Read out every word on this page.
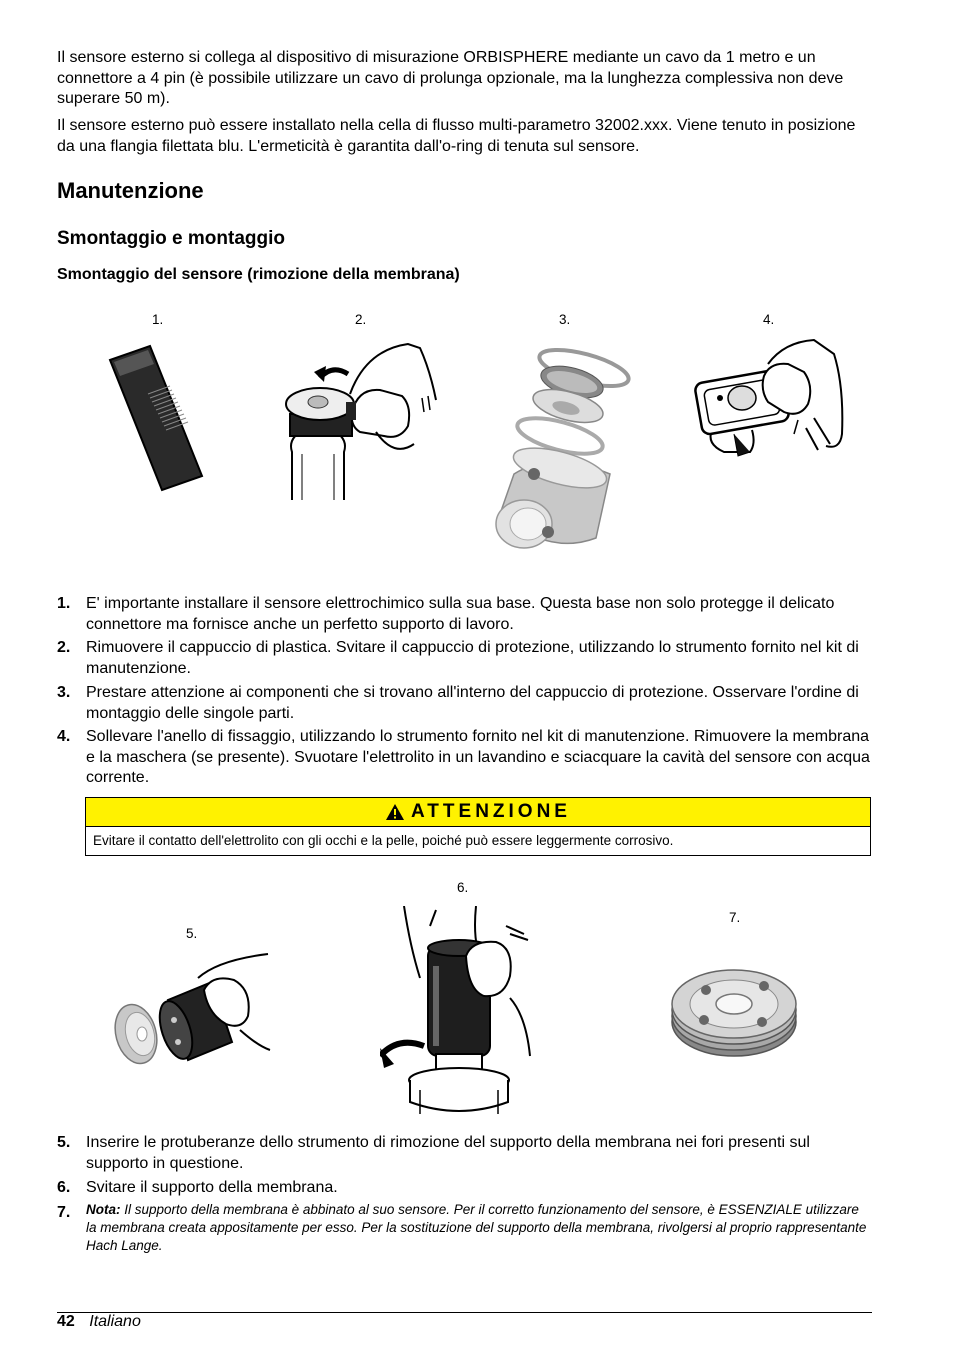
Il sensore esterno si collega al dispositivo di misurazione ORBISPHERE mediante un cavo da 1 metro e un connettore a 4 pin (è possibile utilizzare un cavo di prolunga opzionale, ma la lunghezza complessiva non deve superare 50 m).

Il sensore esterno può essere installato nella cella di flusso multi-parametro 32002.xxx. Viene tenuto in posizione da una flangia filettata blu. L'ermeticità è garantita dall'o-ring di tenuta sul sensore.

Manutenzione
Smontaggio e montaggio
Smontaggio del sensore (rimozione della membrana)
1.	2.	3.	4.
1. E' importante installare il sensore elettrochimico sulla sua base. Questa base non solo protegge il delicato connettore ma fornisce anche un perfetto supporto di lavoro.
2. Rimuovere il cappuccio di plastica. Svitare il cappuccio di protezione, utilizzando lo strumento fornito nel kit di manutenzione.
3. Prestare attenzione ai componenti che si trovano all'interno del cappuccio di protezione. Osservare l'ordine di montaggio delle singole parti.
4. Sollevare l'anello di fissaggio, utilizzando lo strumento fornito nel kit di manutenzione. Rimuovere la membrana e la maschera (se presente). Svuotare l'elettrolito in un lavandino e sciacquare la cavità del sensore con acqua corrente.
ATTENZIONE
Evitare il contatto dell'elettrolito con gli occhi e la pelle, poiché può essere leggermente corrosivo.
5.
6.
7.
5. Inserire le protuberanze dello strumento di rimozione del supporto della membrana nei fori presenti sul supporto in questione.
6. Svitare il supporto della membrana.
7. Nota: Il supporto della membrana è abbinato al suo sensore. Per il corretto funzionamento del sensore, è ESSENZIALE utilizzare la membrana creata appositamente per esso. Per la sostituzione del supporto della membrana, rivolgersi al proprio rappresentante Hach Lange.
42 Italiano
